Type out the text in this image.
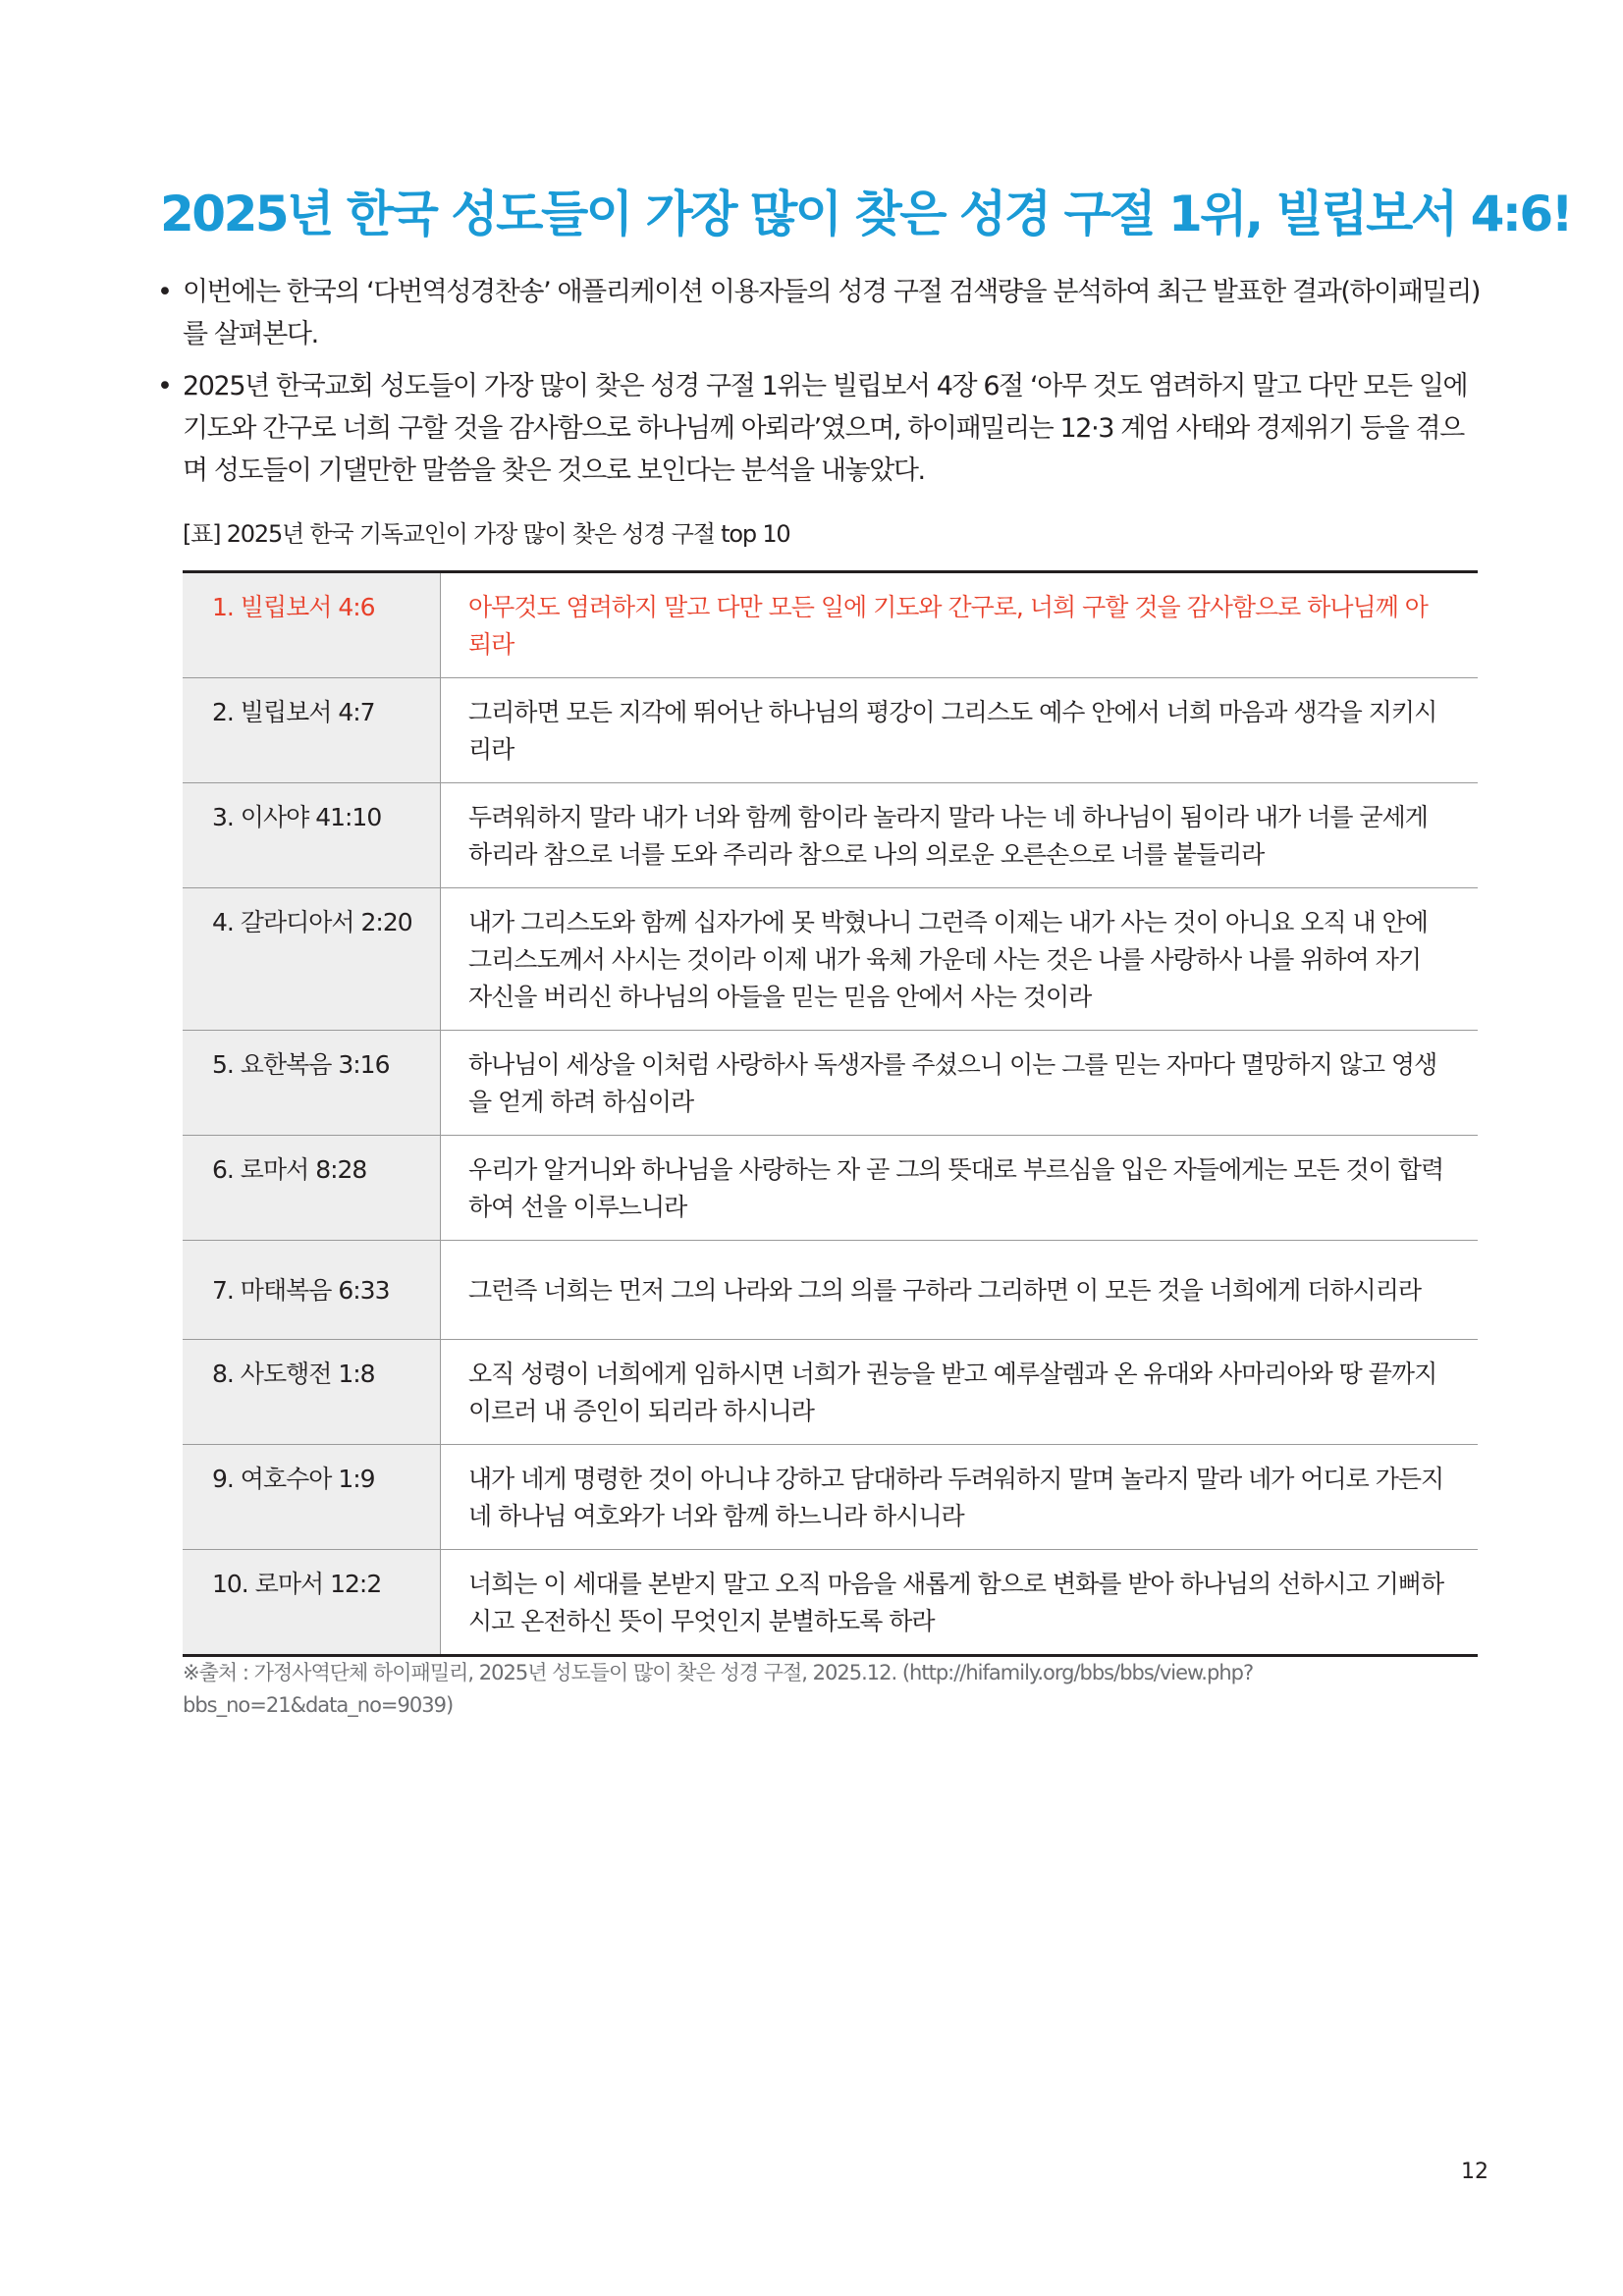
2025년 한국 성도들이 가장 많이 찾은 성경 구절 1위, 빌립보서 4:6!
• 이번에는 한국의 ‘다번역성경찬송’ 애플리케이션 이용자들의 성경 구절 검색량을 분석하여 최근 발표한 결과(하이패밀리)를 살펴본다.
• 2025년 한국교회 성도들이 가장 많이 찾은 성경 구절 1위는 빌립보서 4장 6절 ‘아무 것도 염려하지 말고 다만 모든 일에 기도와 간구로 너희 구할 것을 감사함으로 하나님께 아뢰라’였으며, 하이패밀리는 12·3 계엄 사태와 경제위기 등을 겪으며 성도들이 기댈만한 말씀을 찾은 것으로 보인다는 분석을 내놓았다.
[표] 2025년 한국 기독교인이 가장 많이 찾은 성경 구절 top 10
1. 빌립보서 4:6	아무것도 염려하지 말고 다만 모든 일에 기도와 간구로, 너희 구할 것을 감사함으로 하나님께 아뢰라
2. 빌립보서 4:7	그리하면 모든 지각에 뛰어난 하나님의 평강이 그리스도 예수 안에서 너희 마음과 생각을 지키시리라
3. 이사야 41:10	두려워하지 말라 내가 너와 함께 함이라 놀라지 말라 나는 네 하나님이 됨이라 내가 너를 굳세게 하리라 참으로 너를 도와 주리라 참으로 나의 의로운 오른손으로 너를 붙들리라
4. 갈라디아서 2:20	내가 그리스도와 함께 십자가에 못 박혔나니 그런즉 이제는 내가 사는 것이 아니요 오직 내 안에 그리스도께서 사시는 것이라 이제 내가 육체 가운데 사는 것은 나를 사랑하사 나를 위하여 자기 자신을 버리신 하나님의 아들을 믿는 믿음 안에서 사는 것이라
5. 요한복음 3:16	하나님이 세상을 이처럼 사랑하사 독생자를 주셨으니 이는 그를 믿는 자마다 멸망하지 않고 영생을 얻게 하려 하심이라
6. 로마서 8:28	우리가 알거니와 하나님을 사랑하는 자 곧 그의 뜻대로 부르심을 입은 자들에게는 모든 것이 합력하여 선을 이루느니라
7. 마태복음 6:33	그런즉 너희는 먼저 그의 나라와 그의 의를 구하라 그리하면 이 모든 것을 너희에게 더하시리라
8. 사도행전 1:8	오직 성령이 너희에게 임하시면 너희가 권능을 받고 예루살렘과 온 유대와 사마리아와 땅 끝까지 이르러 내 증인이 되리라 하시니라
9. 여호수아 1:9	내가 네게 명령한 것이 아니냐 강하고 담대하라 두려워하지 말며 놀라지 말라 네가 어디로 가든지 네 하나님 여호와가 너와 함께 하느니라 하시니라
10. 로마서 12:2	너희는 이 세대를 본받지 말고 오직 마음을 새롭게 함으로 변화를 받아 하나님의 선하시고 기뻐하시고 온전하신 뜻이 무엇인지 분별하도록 하라
※출처 : 가정사역단체 하이패밀리, 2025년 성도들이 많이 찾은 성경 구절, 2025.12. (http://hifamily.org/bbs/bbs/view.php?bbs_no=21&data_no=9039)
12
